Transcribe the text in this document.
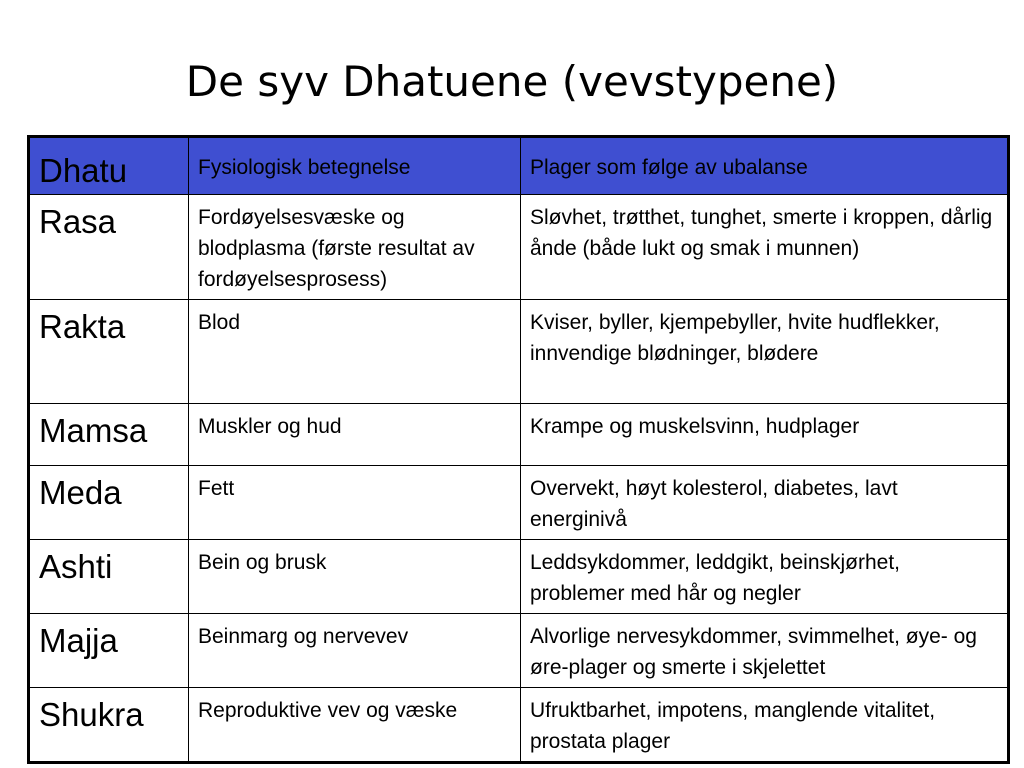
De syv Dhatuene (vevstypene)
Dhatu	Fysiologisk betegnelse	Plager som følge av ubalanse
Rasa	Fordøyelsesvæske og blodplasma (første resultat av fordøyelsesprosess)	Sløvhet, trøtthet, tunghet, smerte i kroppen, dårlig ånde (både lukt og smak i munnen)
Rakta	Blod	Kviser, byller, kjempebyller, hvite hudflekker, innvendige blødninger, blødere
Mamsa	Muskler og hud	Krampe og muskelsvinn, hudplager
Meda	Fett	Overvekt, høyt kolesterol, diabetes, lavt energinivå
Ashti	Bein og brusk	Leddsykdommer, leddgikt, beinskjørhet, problemer med hår og negler
Majja	Beinmarg og nervevev	Alvorlige nervesykdommer, svimmelhet, øye- og øre-plager og smerte i skjelettet
Shukra	Reproduktive vev og væske	Ufruktbarhet, impotens, manglende vitalitet, prostata plager
